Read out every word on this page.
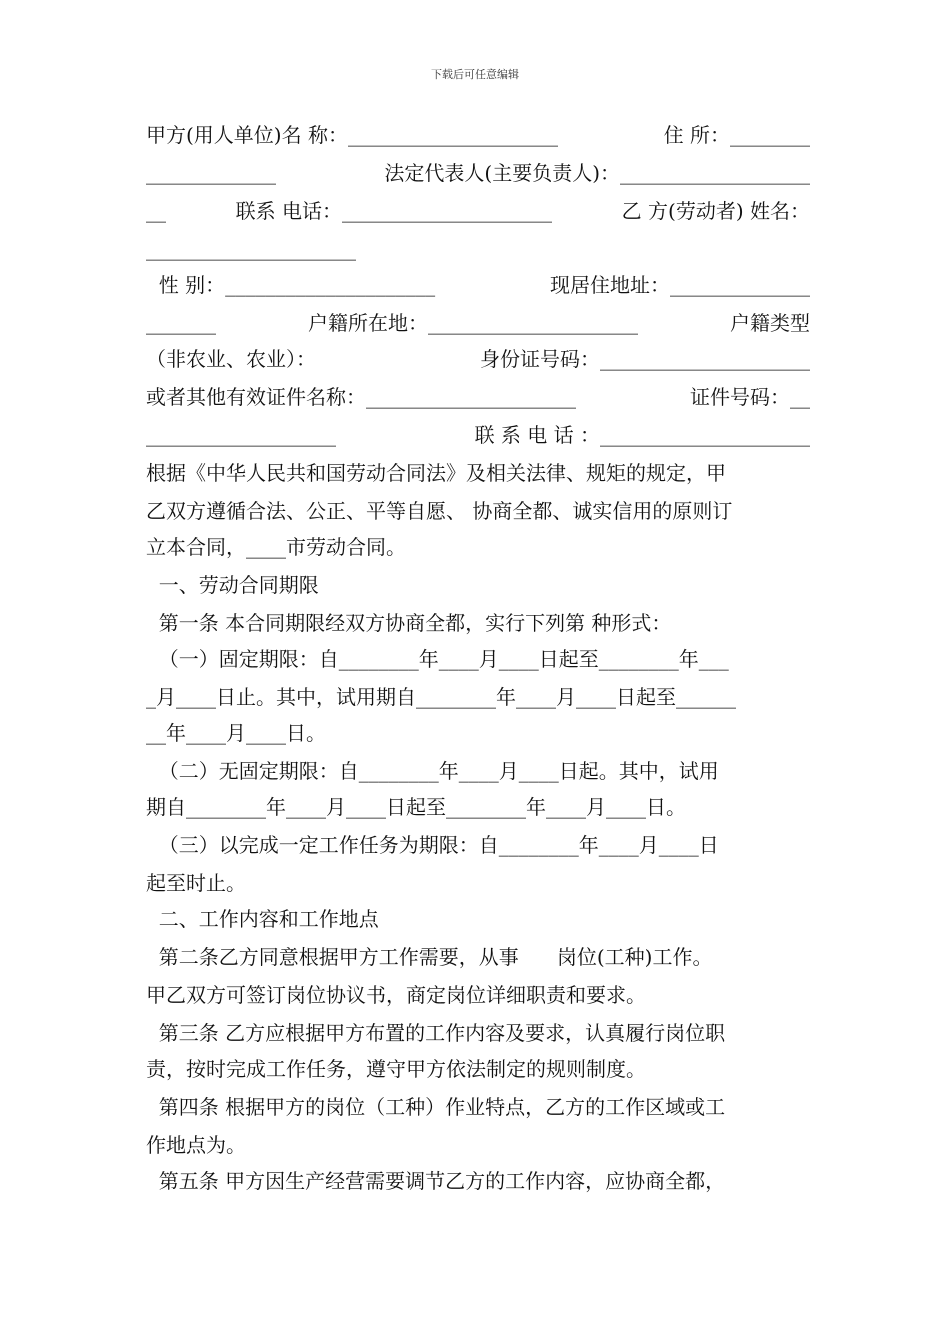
下载后可任意编辑
甲方(用人单位)名 称：_____________________	住 所：________
_____________	法定代表人(主要负责人)：___________________
__	联系 电话：_____________________	乙 方(劳动者) 姓名：
_____________________
性 别：_____________________	现居住地址：______________
_______	户籍所在地：_____________________	户籍类型
（非农业、农业）：	身份证号码：_____________________
或者其他有效证件名称：_____________________	证件号码：__
___________________	联 系 电 话 ：_____________________
根据《中华人民共和国劳动合同法》及相关法律、规矩的规定，甲
乙双方遵循合法、公正、平等自愿、 协商全都、诚实信用的原则订
立本合同，____市劳动合同。
一、劳动合同期限
第一条 本合同期限经双方协商全都，实行下列第 种形式：
（一）固定期限：自________年____月____日起至________年___
_月____日止。其中，试用期自________年____月____日起至______
__年____月____日。
（二）无固定期限：自________年____月____日起。其中，试用
期自________年____月____日起至________年____月____日。
（三）以完成一定工作任务为期限：自________年____月____日
起至时止。
二、工作内容和工作地点
第二条乙方同意根据甲方工作需要，从事      岗位(工种)工作。
甲乙双方可签订岗位协议书，商定岗位详细职责和要求。
第三条 乙方应根据甲方布置的工作内容及要求，认真履行岗位职
责，按时完成工作任务，遵守甲方依法制定的规则制度。
第四条 根据甲方的岗位（工种）作业特点，乙方的工作区域或工
作地点为。
第五条 甲方因生产经营需要调节乙方的工作内容，应协商全都，
